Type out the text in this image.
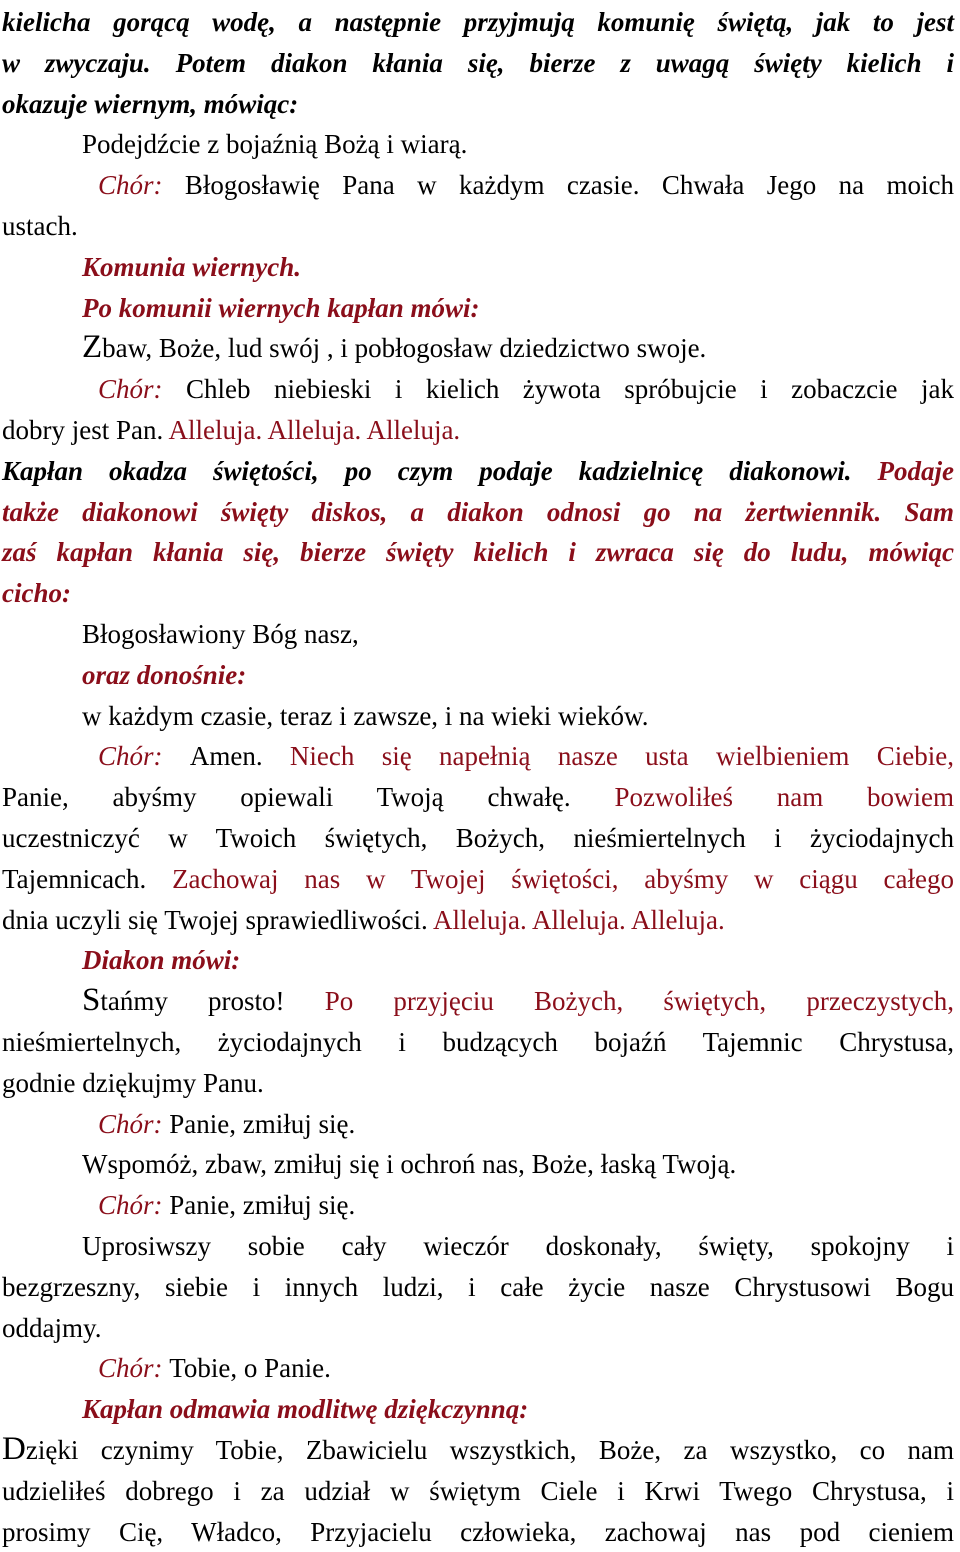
kielicha gorącą wodę, a następnie przyjmują komunię świętą, jak to jest

w zwyczaju. Potem diakon kłania się, bierze z uwagą święty kielich i

okazuje wiernym, mówiąc:

Podejdźcie z bojaźnią Bożą i wiarą.

Chór: Błogosławię Pana w każdym czasie. Chwała Jego na moich

ustach.

Komunia wiernych.

Po komunii wiernych kapłan mówi:

Zbaw, Boże, lud swój , i pobłogosław dziedzictwo swoje.

Chór: Chleb niebieski i kielich żywota spróbujcie i zobaczcie jak

dobry jest Pan. Alleluja. Alleluja. Alleluja.

Kapłan okadza świętości, po czym podaje kadzielnicę diakonowi. Podaje

także diakonowi święty diskos, a diakon odnosi go na żertwiennik. Sam

zaś kapłan kłania się, bierze święty kielich i zwraca się do ludu, mówiąc

cicho:

Błogosławiony Bóg nasz,

oraz donośnie:

w każdym czasie, teraz i zawsze, i na wieki wieków.

Chór: Amen. Niech się napełnią nasze usta wielbieniem Ciebie,

Panie, abyśmy opiewali Twoją chwałę. Pozwoliłeś nam bowiem

uczestniczyć w Twoich świętych, Bożych, nieśmiertelnych i życiodajnych

Tajemnicach. Zachowaj nas w Twojej świętości, abyśmy w ciągu całego

dnia uczyli się Twojej sprawiedliwości. Alleluja. Alleluja. Alleluja.

Diakon mówi:

Stańmy prosto! Po przyjęciu Bożych, świętych, przeczystych,

nieśmiertelnych, życiodajnych i budzących bojaźń Tajemnic Chrystusa,

godnie dziękujmy Panu.

Chór: Panie, zmiłuj się.

Wspomóż, zbaw, zmiłuj się i ochroń nas, Boże, łaską Twoją.

Chór: Panie, zmiłuj się.

Uprosiwszy sobie cały wieczór doskonały, święty, spokojny i

bezgrzeszny, siebie i innych ludzi, i całe życie nasze Chrystusowi Bogu

oddajmy.

Chór: Tobie, o Panie.

Kapłan odmawia modlitwę dziękczynną:

Dzięki czynimy Tobie, Zbawicielu wszystkich, Boże, za wszystko, co nam

udzieliłeś dobrego i za udział w świętym Ciele i Krwi Twego Chrystusa, i

prosimy Cię, Władco, Przyjacielu człowieka, zachowaj nas pod cieniem
